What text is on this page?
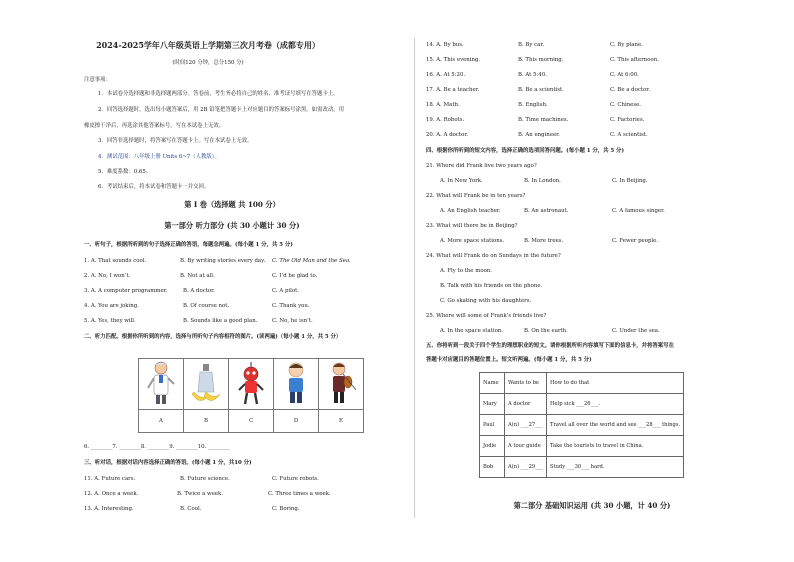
2024-2025学年八年级英语上学期第三次月考卷（成都专用）
(时间120 分钟，总分150 分)
注意事项：
1．本试卷分选择题和非选择题两部分。答卷前，考生务必将自己的姓名、准考证号填写在答题卡上。
2．回答选择题时，选出每小题答案后，用 2B 铅笔把答题卡上对应题目的答案标号涂黑。如需改动，用
橡皮擦干净后，再选涂其他答案标号。写在本试卷上无效。
3．回答非选择题时，将答案写在答题卡上。写在本试卷上无效。
4．测试范围：八年级上册 Units 6~7（人教版）。
5．难度系数：0.65。
6．考试结束后，将本试卷和答题卡一并交回。
第 I 卷（选择题 共 100 分）
第一部分 听力部分 (共 30 小题计 30 分)
一、听句子，根据所听到的句子选择正确的答语，每题念两遍。(每小题 1 分，共 5 分)
1. A. That sounds cool.	B. By writing stories every day. C. The Old Man and the Sea.
2. A. No, I won’t.	B. Not at all.	C. I’d be glad to.
3. A. A computer programmer.	B. A doctor.	C. A pilot.
4. A. You are joking.	B. Of course not.	C. Thank you.
5. A. Yes, they will.	B. Sounds like a good plan.	C. No, he isn’t.
二、听力匹配。根据你所听到的内容，选择与所听句子内容相符的图片。(读两遍)（每小题 1 分，共 5 分）

A	B	C	D	E
6. ________7. ________8. ________9. ________10. ________
三、听对话，根据对话内容选择正确的答语。(每小题 1 分，共10 分)
11. A. Future cars.	B. Future science.	C. Future robots.
12. A. Once a week.	B. Twice a week.	C. Three times a week.
13. A. Interesting.	B. Cool.	C. Boring.
14. A. By bus.	B. By car.	C. By plane.
15. A. This evening.	B. This morning.	C. This afternoon.
16. A. At 5:20.	B. At 5:40.	C. At 6:00.
17. A. Be a teacher.	B. Be a scientist.	C. Be a doctor.
18. A. Math.	B. English.	C. Chinese.
19. A. Robots.	B. Time machines.	C. Factories.
20. A. A doctor.	B. An engineer.	C. A scientist.
四、根据你所听到的短文内容，选择正确的选项回答问题。(每小题 1 分，共 5 分)
21. Where did Frank live two years ago?
A. In New York.	B. In London.	C. In Beijing.
22. What will Frank be in ten years?
A. An English teacher.	B. An astronaut.	C. A famous singer.
23. What will there be in Beijing?
A. More space stations.	B. More trees.	C. Fewer people.
24. What will Frank do on Sundays in the future?
A. Fly to the moon.
B. Talk with his friends on the phone.
C. Go skating with his daughters.
25. Where will some of Frank’s friends live?
A. In the space station.	B. On the earth.	C. Under the sea.
五、你将听到一段关于四个学生的理想职业的短文。请你根据所听内容填写下面的信息卡，并将答案写在
答题卡对应题目的答题位置上。短文听两遍。(每小题 1 分，共 5 分)
Name	Wants to be	How to do that
Mary	A doctor	Help sick ___26___.
Paul	A(n) ___27___	Travel all over the world and see ___28___ things.
Jodie	A tour guide	Take the tourists to travel in China.
Bob	A(n) ___29___	Study ___30___ hard.
第二部分 基础知识运用 (共 30 小题，计 40 分)
